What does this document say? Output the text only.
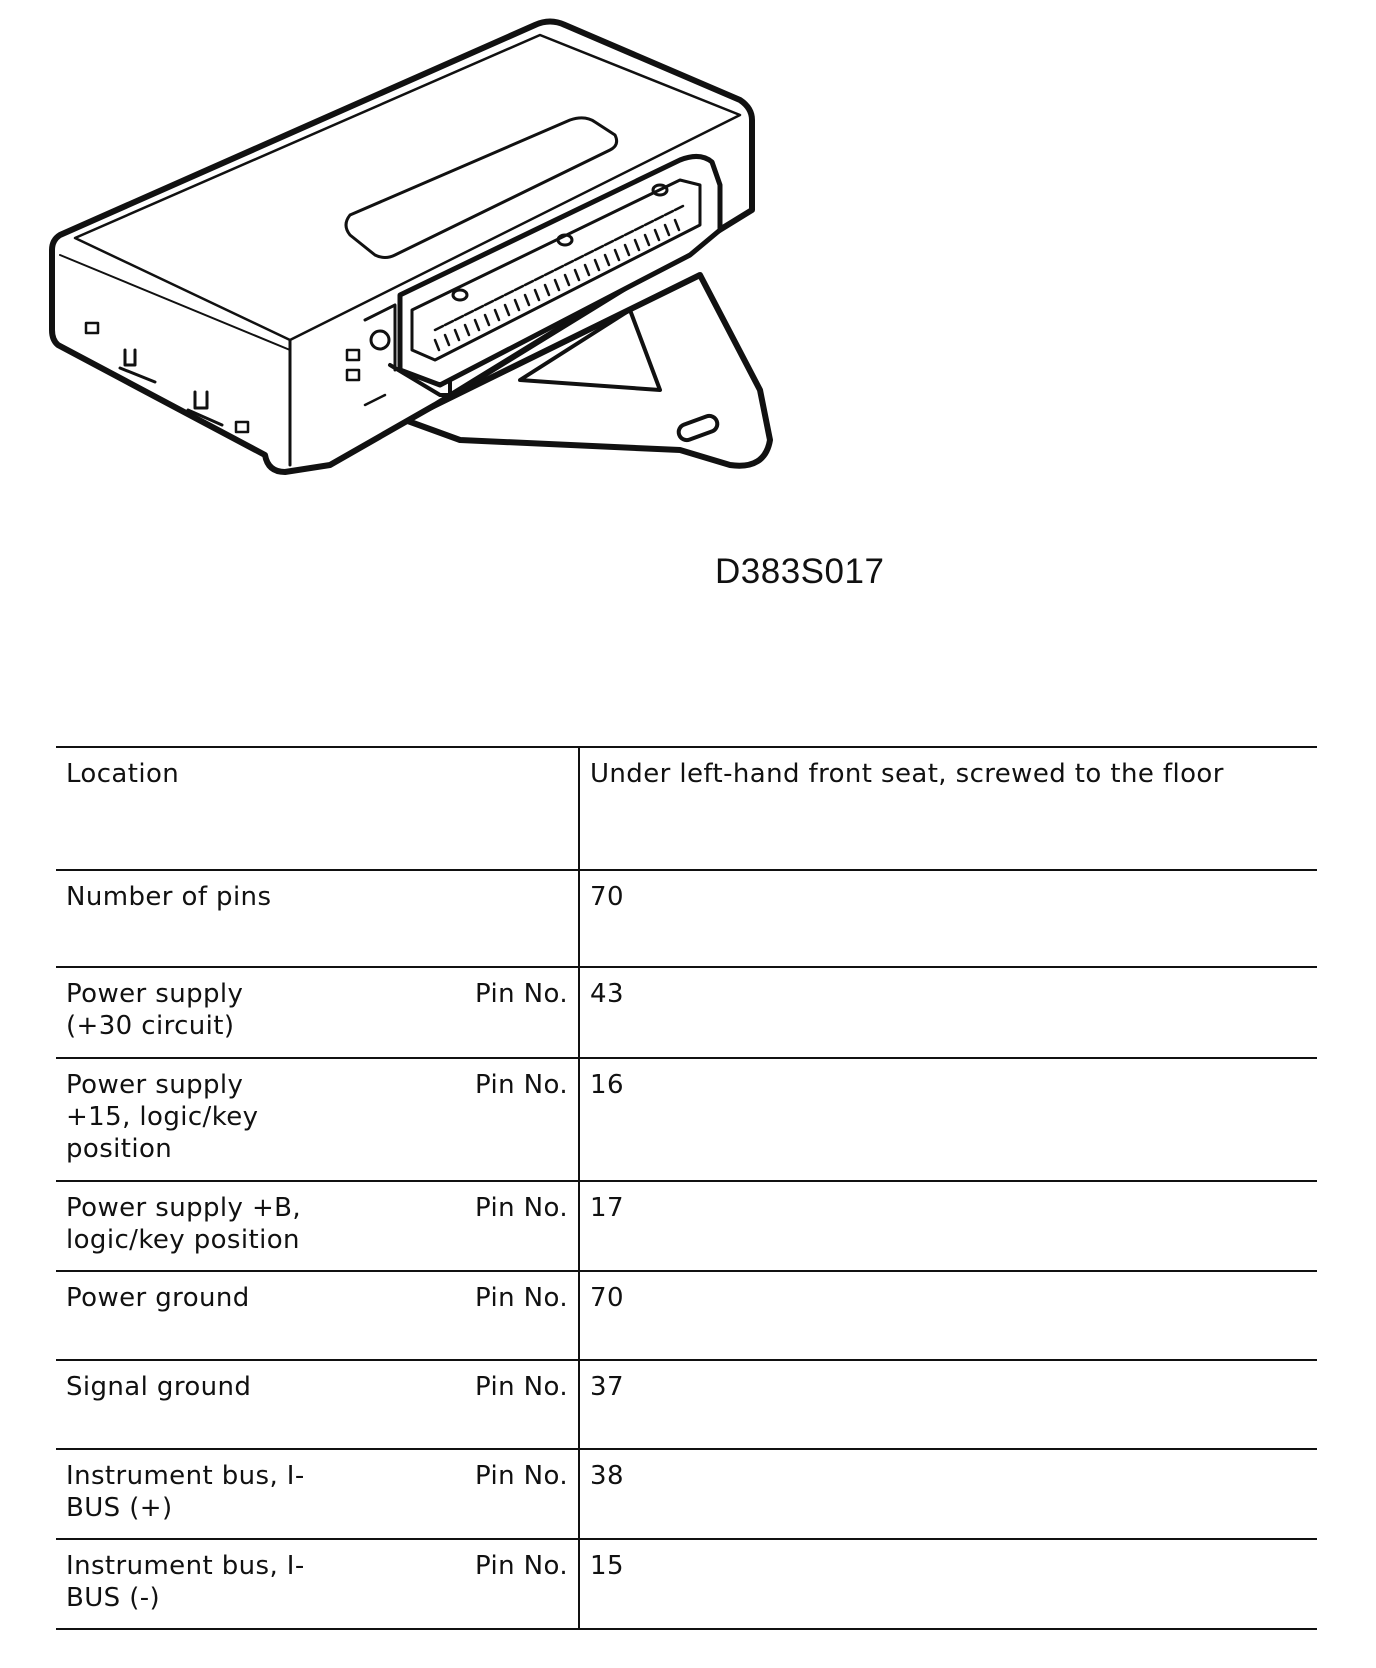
D383S017
Location		Under left-hand front seat, screwed to the floor
Number of pins		70
Power supply (+30 circuit)	Pin No.	43
Power supply +15, logic/key position	Pin No.	16
Power supply +B, logic/key position	Pin No.	17
Power ground	Pin No.	70
Signal ground	Pin No.	37
Instrument bus, I-BUS (+)	Pin No.	38
Instrument bus, I-BUS (-)	Pin No.	15
